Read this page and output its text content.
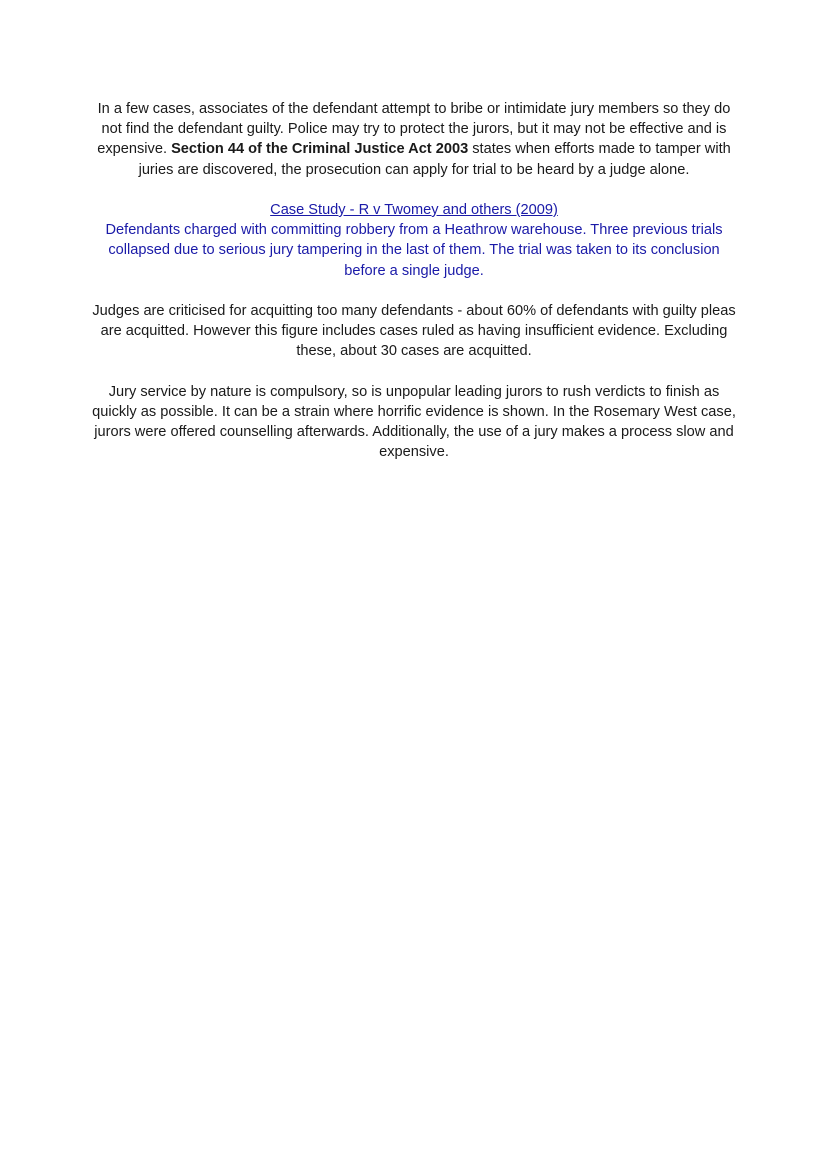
In a few cases, associates of the defendant attempt to bribe or intimidate jury members so they do not find the defendant guilty. Police may try to protect the jurors, but it may not be effective and is expensive. Section 44 of the Criminal Justice Act 2003 states when efforts made to tamper with juries are discovered, the prosecution can apply for trial to be heard by a judge alone.

Case Study - R v Twomey and others (2009)
Defendants charged with committing robbery from a Heathrow warehouse. Three previous trials collapsed due to serious jury tampering in the last of them. The trial was taken to its conclusion before a single judge.

Judges are criticised for acquitting too many defendants - about 60% of defendants with guilty pleas are acquitted. However this figure includes cases ruled as having insufficient evidence. Excluding these, about 30 cases are acquitted.

Jury service by nature is compulsory, so is unpopular leading jurors to rush verdicts to finish as quickly as possible. It can be a strain where horrific evidence is shown. In the Rosemary West case, jurors were offered counselling afterwards. Additionally, the use of a jury makes a process slow and expensive.
